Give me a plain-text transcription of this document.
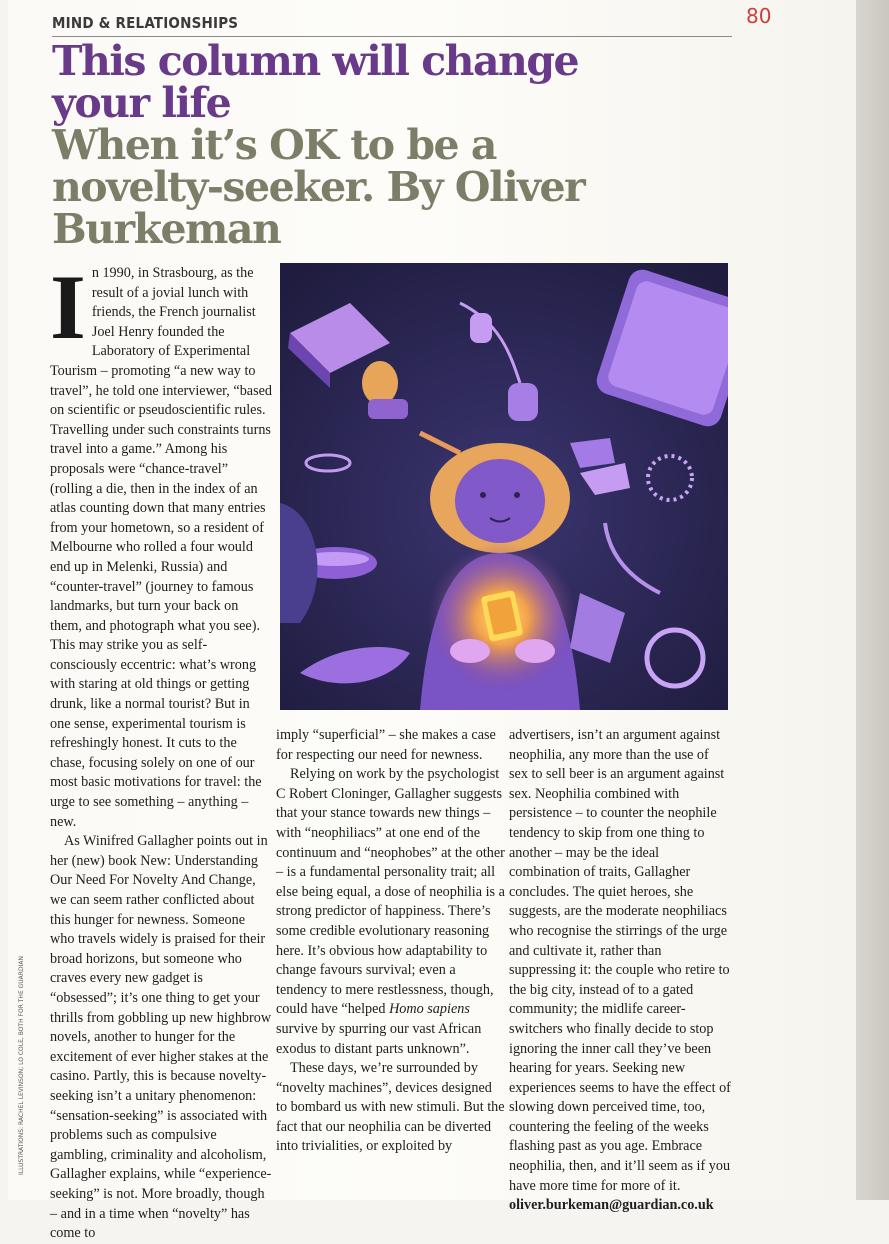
80
MIND & RELATIONSHIPS
This column will change your life
When it’s OK to be a novelty-seeker. By Oliver Burkeman

In 1990, in Strasbourg, as the result of a jovial lunch with friends, the French journalist Joel Henry founded the Laboratory of Experimental Tourism – promoting “a new way to travel”, he told one interviewer, “based on scientific or pseudoscientific rules. Travelling under such constraints turns travel into a game.” Among his proposals were “chance-travel” (rolling a die, then in the index of an atlas counting down that many entries from your hometown, so a resident of Melbourne who rolled a four would end up in Melenki, Russia) and “counter-travel” (journey to famous landmarks, but turn your back on them, and photograph what you see). This may strike you as self-consciously eccentric: what’s wrong with staring at old things or getting drunk, like a normal tourist? But in one sense, experimental tourism is refreshingly honest. It cuts to the chase, focusing solely on one of our most basic motivations for travel: the urge to see something – anything – new.

As Winifred Gallagher points out in her (new) book New: Understanding Our Need For Novelty And Change, we can seem rather conflicted about this hunger for newness. Someone who travels widely is praised for their broad horizons, but someone who craves every new gadget is “obsessed”; it’s one thing to get your thrills from gobbling up new highbrow novels, another to hunger for the excitement of ever higher stakes at the casino. Partly, this is because novelty-seeking isn’t a unitary phenomenon: “sensation-seeking” is associated with problems such as compulsive gambling, criminality and alcoholism, Gallagher explains, while “experience-seeking” is not. More broadly, though – and in a time when “novelty” has come to

imply “superficial” – she makes a case for respecting our need for newness.

Relying on work by the psychologist C Robert Cloninger, Gallagher suggests that your stance towards new things – with “neophiliacs” at one end of the continuum and “neophobes” at the other – is a fundamental personality trait; all else being equal, a dose of neophilia is a strong predictor of happiness. There’s some credible evolutionary reasoning here. It’s obvious how adaptability to change favours survival; even a tendency to mere restlessness, though, could have “helped Homo sapiens survive by spurring our vast African exodus to distant parts unknown”.

These days, we’re surrounded by “novelty machines”, devices designed to bombard us with new stimuli. But the fact that our neophilia can be diverted into trivialities, or exploited by

advertisers, isn’t an argument against neophilia, any more than the use of sex to sell beer is an argument against sex. Neophilia combined with persistence – to counter the neophile tendency to skip from one thing to another – may be the ideal combination of traits, Gallagher concludes. The quiet heroes, she suggests, are the moderate neophiliacs who recognise the stirrings of the urge and cultivate it, rather than suppressing it: the couple who retire to the big city, instead of to a gated community; the midlife career-switchers who finally decide to stop ignoring the inner call they’ve been hearing for years. Seeking new experiences seems to have the effect of slowing down perceived time, too, countering the feeling of the weeks flashing past as you age. Embrace neophilia, then, and it’ll seem as if you have more time for more of it.

oliver.burkeman@guardian.co.uk

ILLUSTRATIONS: RACHEL LEVINSON; LO COLE, BOTH FOR THE GUARDIAN
